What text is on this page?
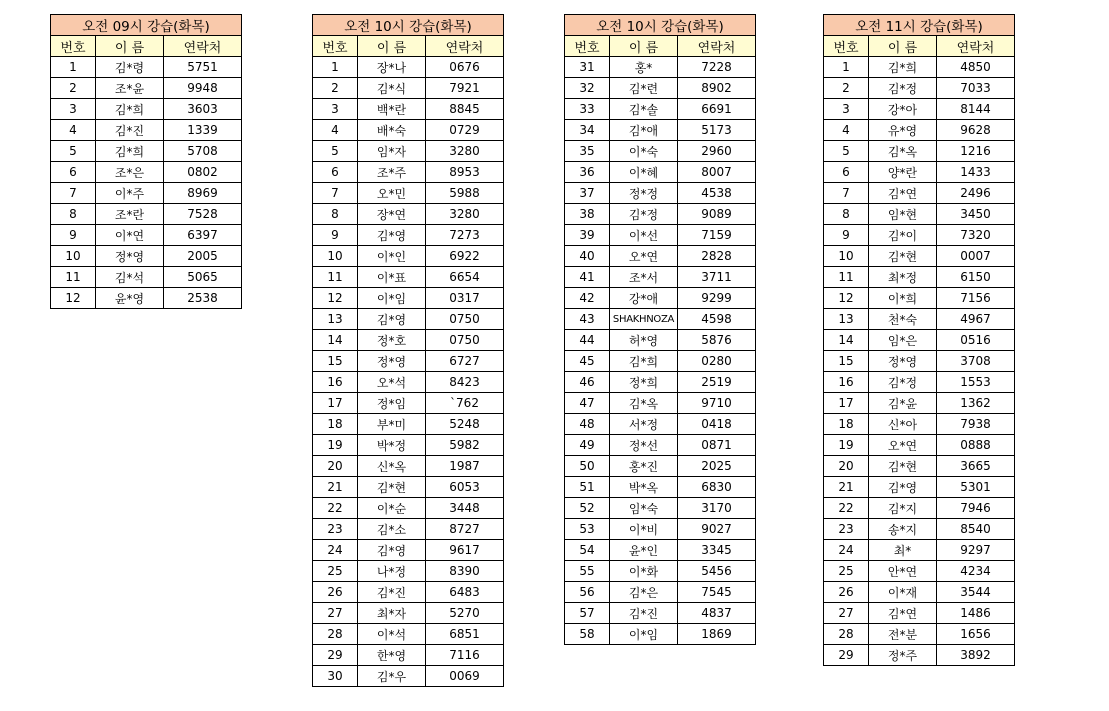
오전 09시 강습(화목)		
번호	이 름	연락처
1	김*령	5751
2	조*윤	9948
3	김*희	3603
4	김*진	1339
5	김*희	5708
6	조*은	0802
7	이*주	8969
8	조*란	7528
9	이*연	6397
10	정*영	2005
11	김*석	5065
12	윤*영	2538
오전 10시 강습(화목)		
번호	이 름	연락처
1	장*나	0676
2	김*식	7921
3	백*란	8845
4	배*숙	0729
5	임*자	3280
6	조*주	8953
7	오*민	5988
8	장*연	3280
9	김*영	7273
10	이*인	6922
11	이*표	6654
12	이*임	0317
13	김*영	0750
14	정*호	0750
15	정*영	6727
16	오*석	8423
17	정*임	`762
18	부*미	5248
19	박*정	5982
20	신*옥	1987
21	김*현	6053
22	이*순	3448
23	김*소	8727
24	김*영	9617
25	나*정	8390
26	김*진	6483
27	최*자	5270
28	이*석	6851
29	한*영	7116
30	김*우	0069
오전 10시 강습(화목)		
번호	이 름	연락처
31	홍*	7228
32	김*련	8902
33	김*솔	6691
34	김*애	5173
35	이*숙	2960
36	이*혜	8007
37	정*정	4538
38	김*정	9089
39	이*선	7159
40	오*연	2828
41	조*서	3711
42	강*애	9299
43	SHAKHNOZA	4598
44	허*영	5876
45	김*희	0280
46	정*희	2519
47	김*옥	9710
48	서*정	0418
49	정*선	0871
50	홍*진	2025
51	박*옥	6830
52	임*숙	3170
53	이*비	9027
54	윤*인	3345
55	이*화	5456
56	김*은	7545
57	김*진	4837
58	이*임	1869
오전 11시 강습(화목)		
번호	이 름	연락처
1	김*희	4850
2	김*정	7033
3	강*아	8144
4	유*영	9628
5	김*옥	1216
6	양*란	1433
7	김*연	2496
8	임*현	3450
9	김*이	7320
10	김*현	0007
11	최*정	6150
12	이*희	7156
13	천*숙	4967
14	임*은	0516
15	정*영	3708
16	김*정	1553
17	김*윤	1362
18	신*아	7938
19	오*연	0888
20	김*현	3665
21	김*영	5301
22	김*지	7946
23	송*지	8540
24	최*	9297
25	안*연	4234
26	이*재	3544
27	김*연	1486
28	전*분	1656
29	정*주	3892
